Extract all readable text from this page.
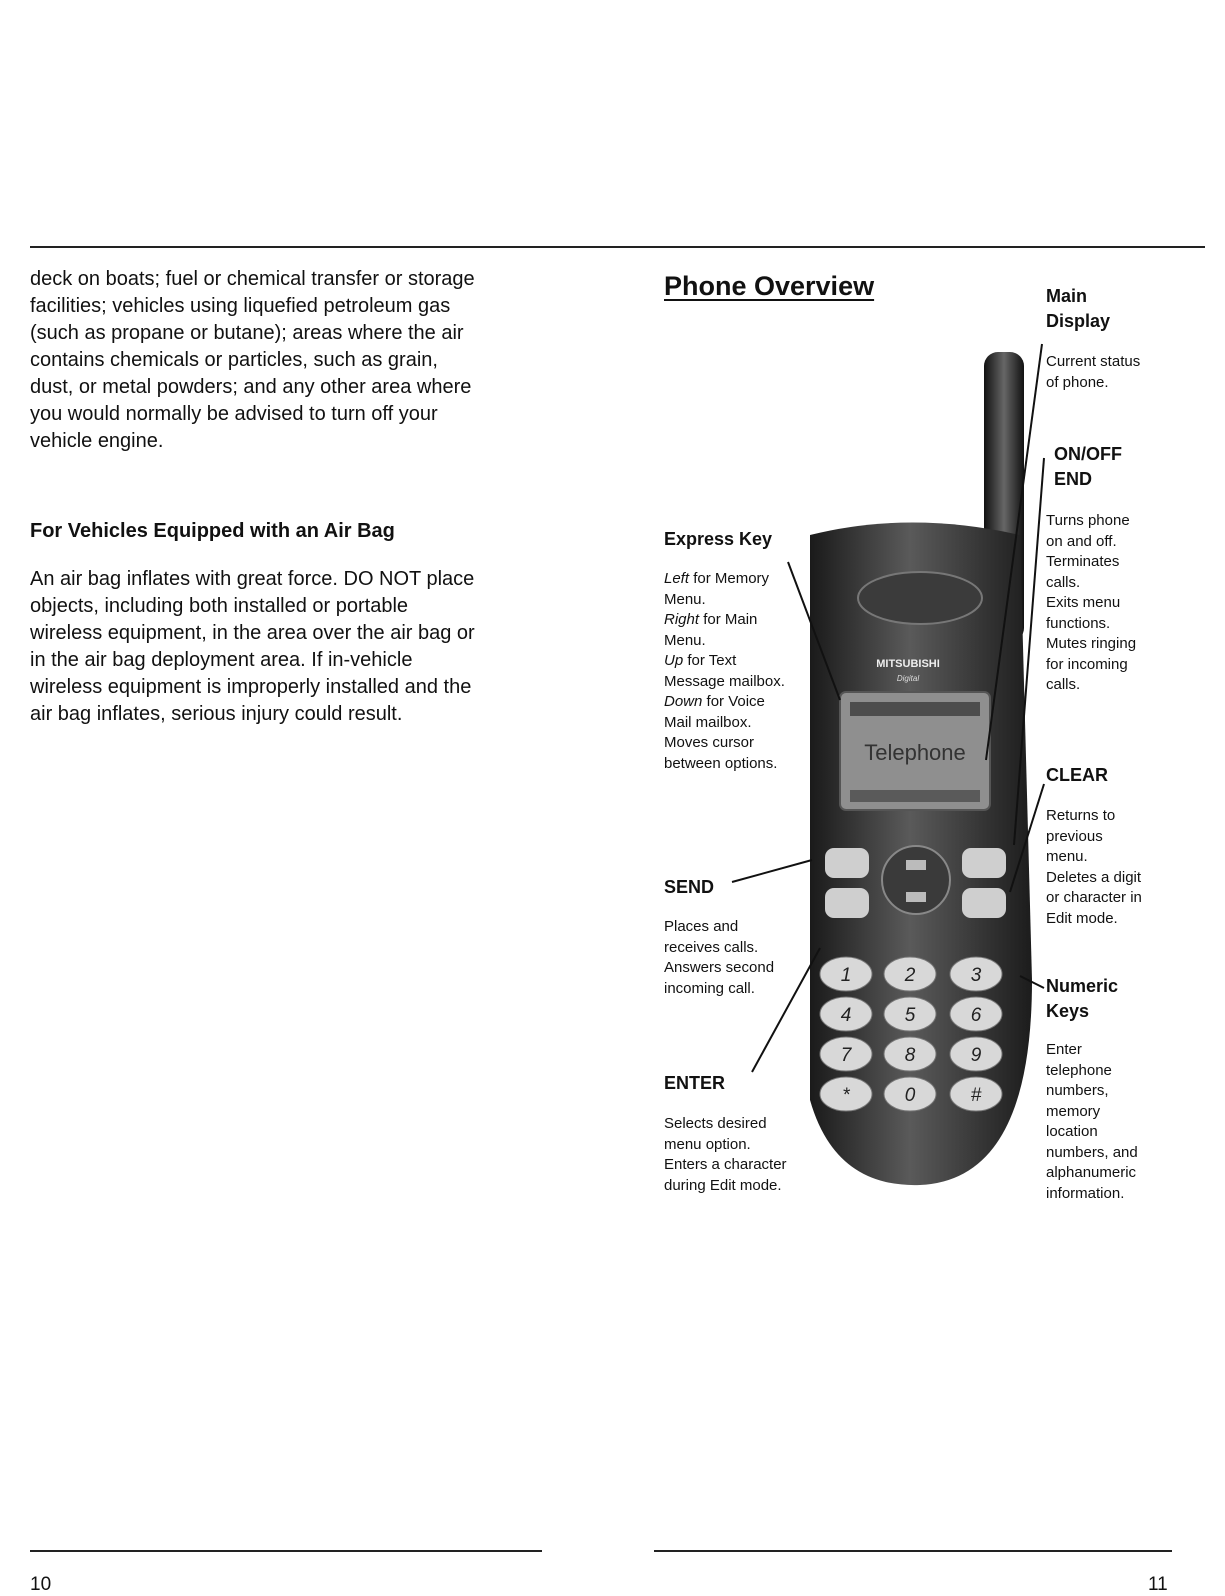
deck on boats; fuel or chemical transfer or storage
facilities; vehicles using liquefied petroleum gas
(such as propane or butane); areas where the air
contains chemicals or particles, such as grain,
dust, or metal powders; and any other area where
you would normally be advised to turn off your
vehicle engine.
For Vehicles Equipped with an Air Bag
An air bag inflates with great force. DO NOT place
objects, including both installed or portable
wireless equipment, in the area over the air bag or
in the air bag deployment area. If in-vehicle
wireless equipment is improperly installed and the
air bag inflates, serious injury could result.
10
Phone Overview
Express Key
Left for Memory
Menu.
Right for Main
Menu.
Up for Text
Message mailbox.
Down for Voice
Mail mailbox.
Moves cursor
between options.
SEND
Places and
receives calls.
Answers second
incoming call.
ENTER
Selects desired
menu option.
Enters a character
during Edit mode.
Main
Display
Current status
of phone.
ON/OFF
END
Turns phone
on and off.
Terminates
calls.
Exits menu
functions.
Mutes ringing
for incoming
calls.
CLEAR
Returns to
previous
menu.
Deletes a digit
or character in
Edit mode.
Numeric
Keys
Enter
telephone
numbers,
memory
location
numbers, and
alphanumeric
information.
MITSUBISHI
Digital
Telephone
1	2	3
4	5	6
7	8	9
*	0	#
11
